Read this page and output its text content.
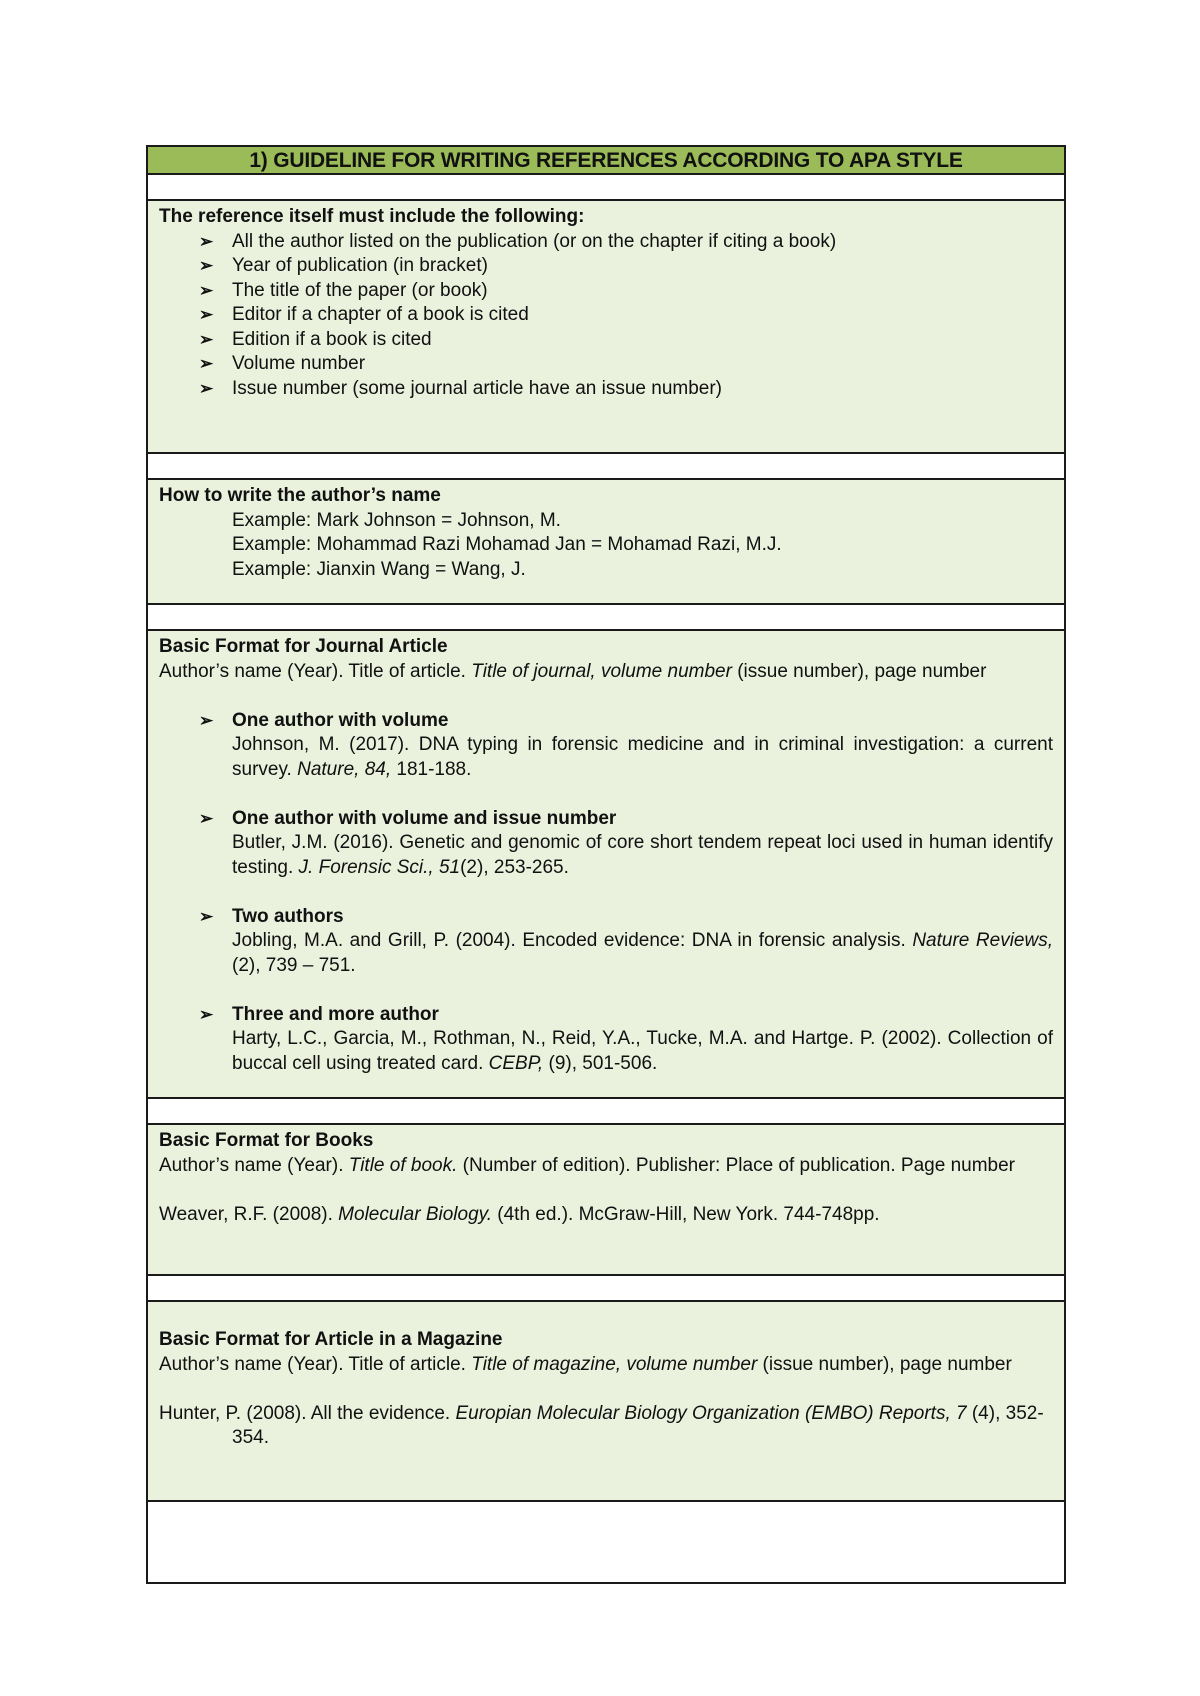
1) GUIDELINE FOR WRITING REFERENCES ACCORDING TO APA STYLE
The reference itself must include the following:
➢ All the author listed on the publication (or on the chapter if citing a book)
➢ Year of publication (in bracket)
➢ The title of the paper (or book)
➢ Editor if a chapter of a book is cited
➢ Edition if a book is cited
➢ Volume number
➢ Issue number (some journal article have an issue number)
How to write the author’s name
Example: Mark Johnson = Johnson, M.
Example: Mohammad Razi Mohamad Jan = Mohamad Razi, M.J.
Example: Jianxin Wang = Wang, J.
Basic Format for Journal Article
Author’s name (Year). Title of article. Title of journal, volume number (issue number), page number
➢ One author with volume
Johnson, M. (2017). DNA typing in forensic medicine and in criminal investigation: a current survey. Nature, 84, 181-188.
➢ One author with volume and issue number
Butler, J.M. (2016). Genetic and genomic of core short tendem repeat loci used in human identify testing. J. Forensic Sci., 51(2), 253-265.
➢ Two authors
Jobling, M.A. and Grill, P. (2004). Encoded evidence: DNA in forensic analysis. Nature Reviews, (2), 739 – 751.
➢ Three and more author
Harty, L.C., Garcia, M., Rothman, N., Reid, Y.A., Tucke, M.A. and Hartge. P. (2002). Collection of buccal cell using treated card. CEBP, (9), 501-506.
Basic Format for Books
Author’s name (Year). Title of book. (Number of edition). Publisher: Place of publication. Page number
Weaver, R.F. (2008). Molecular Biology. (4th ed.). McGraw-Hill, New York. 744-748pp.
Basic Format for Article in a Magazine
Author’s name (Year). Title of article. Title of magazine, volume number (issue number), page number
Hunter, P. (2008). All the evidence. Europian Molecular Biology Organization (EMBO) Reports, 7 (4), 352-354.
